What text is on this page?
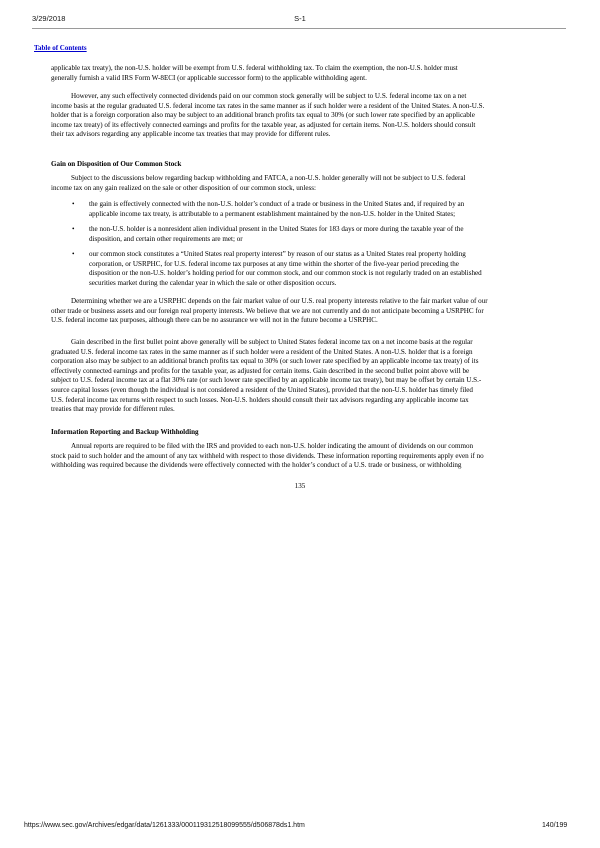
3/29/2018	S-1
Table of Contents
applicable tax treaty), the non-U.S. holder will be exempt from U.S. federal withholding tax. To claim the exemption, the non-U.S. holder must
generally furnish a valid IRS Form W-8ECI (or applicable successor form) to the applicable withholding agent.
However, any such effectively connected dividends paid on our common stock generally will be subject to U.S. federal income tax on a net
income basis at the regular graduated U.S. federal income tax rates in the same manner as if such holder were a resident of the United States. A non-U.S.
holder that is a foreign corporation also may be subject to an additional branch profits tax equal to 30% (or such lower rate specified by an applicable
income tax treaty) of its effectively connected earnings and profits for the taxable year, as adjusted for certain items. Non-U.S. holders should consult
their tax advisors regarding any applicable income tax treaties that may provide for different rules.
Gain on Disposition of Our Common Stock
Subject to the discussions below regarding backup withholding and FATCA, a non-U.S. holder generally will not be subject to U.S. federal
income tax on any gain realized on the sale or other disposition of our common stock, unless:
• the gain is effectively connected with the non-U.S. holder’s conduct of a trade or business in the United States and, if required by an
applicable income tax treaty, is attributable to a permanent establishment maintained by the non-U.S. holder in the United States;
• the non-U.S. holder is a nonresident alien individual present in the United States for 183 days or more during the taxable year of the
disposition, and certain other requirements are met; or
• our common stock constitutes a “United States real property interest” by reason of our status as a United States real property holding
corporation, or USRPHC, for U.S. federal income tax purposes at any time within the shorter of the five-year period preceding the
disposition or the non-U.S. holder’s holding period for our common stock, and our common stock is not regularly traded on an established
securities market during the calendar year in which the sale or other disposition occurs.
Determining whether we are a USRPHC depends on the fair market value of our U.S. real property interests relative to the fair market value of our
other trade or business assets and our foreign real property interests. We believe that we are not currently and do not anticipate becoming a USRPHC for
U.S. federal income tax purposes, although there can be no assurance we will not in the future become a USRPHC.
Gain described in the first bullet point above generally will be subject to United States federal income tax on a net income basis at the regular
graduated U.S. federal income tax rates in the same manner as if such holder were a resident of the United States. A non-U.S. holder that is a foreign
corporation also may be subject to an additional branch profits tax equal to 30% (or such lower rate specified by an applicable income tax treaty) of its
effectively connected earnings and profits for the taxable year, as adjusted for certain items. Gain described in the second bullet point above will be
subject to U.S. federal income tax at a flat 30% rate (or such lower rate specified by an applicable income tax treaty), but may be offset by certain U.S.-
source capital losses (even though the individual is not considered a resident of the United States), provided that the non-U.S. holder has timely filed
U.S. federal income tax returns with respect to such losses. Non-U.S. holders should consult their tax advisors regarding any applicable income tax
treaties that may provide for different rules.
Information Reporting and Backup Withholding
Annual reports are required to be filed with the IRS and provided to each non-U.S. holder indicating the amount of dividends on our common
stock paid to such holder and the amount of any tax withheld with respect to those dividends. These information reporting requirements apply even if no
withholding was required because the dividends were effectively connected with the holder’s conduct of a U.S. trade or business, or withholding
135
https://www.sec.gov/Archives/edgar/data/1261333/000119312518099555/d506878ds1.htm	140/199
